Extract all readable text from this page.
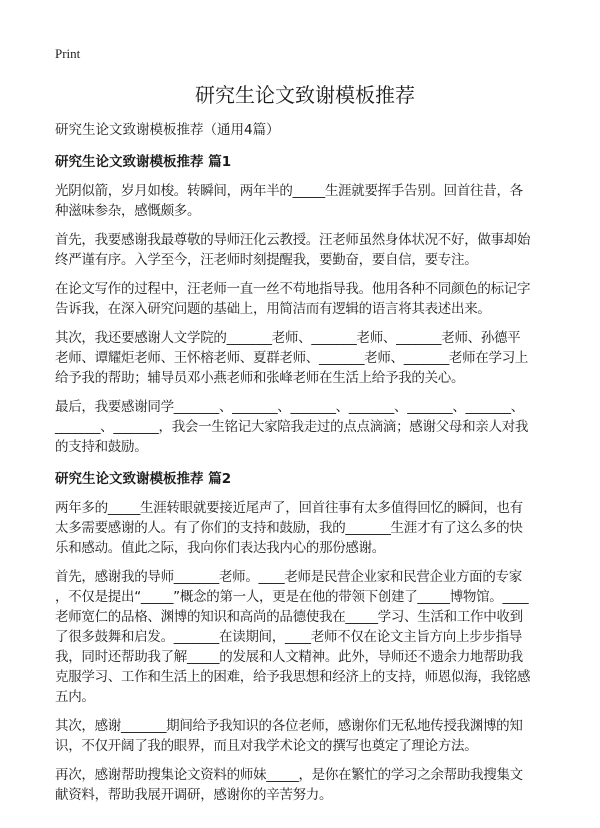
Print
研究生论文致谢模板推荐
研究生论文致谢模板推荐（通用4篇）
研究生论文致谢模板推荐 篇1
光阴似箭，岁月如梭。转瞬间，两年半的_____生涯就要挥手告别。回首往昔，各
种滋味参杂，感慨颇多。
首先，我要感谢我最尊敬的导师汪化云教授。汪老师虽然身体状况不好，做事却始
终严谨有序。入学至今，汪老师时刻提醒我，要勤奋，要自信，要专注。
在论文写作的过程中，汪老师一直一丝不苟地指导我。他用各种不同颜色的标记字
告诉我，在深入研究问题的基础上，用简洁而有逻辑的语言将其表述出来。
其次，我还要感谢人文学院的_______老师、_______老师、_______老师、孙德平
老师、谭耀炬老师、王怀榕老师、夏群老师、_______老师、_______老师在学习上
给予我的帮助；辅导员邓小燕老师和张峰老师在生活上给予我的关心。
最后，我要感谢同学_______、_______、_______、_______、_______、_______、
_______、_______，我会一生铭记大家陪我走过的点点滴滴；感谢父母和亲人对我
的支持和鼓励。
研究生论文致谢模板推荐 篇2
两年多的_____生涯转眼就要接近尾声了，回首往事有太多值得回忆的瞬间，也有
太多需要感谢的人。有了你们的支持和鼓励，我的_______生涯才有了这么多的快
乐和感动。值此之际，我向你们表达我内心的那份感谢。
首先，感谢我的导师_______老师。____老师是民营企业家和民营企业方面的专家
，不仅是提出“_____”概念的第一人，更是在他的带领下创建了_____博物馆。____
老师宽仁的品格、渊博的知识和高尚的品德使我在_____学习、生活和工作中收到
了很多鼓舞和启发。_______在读期间，____老师不仅在论文主旨方向上步步指导
我，同时还帮助我了解_____的发展和人文精神。此外，导师还不遗余力地帮助我
克服学习、工作和生活上的困难，给予我思想和经济上的支持，师恩似海，我铭感
五内。
其次，感谢_______期间给予我知识的各位老师，感谢你们无私地传授我渊博的知
识，不仅开阔了我的眼界，而且对我学术论文的撰写也奠定了理论方法。
再次，感谢帮助搜集论文资料的师妹_____，是你在繁忙的学习之余帮助我搜集文
献资料，帮助我展开调研，感谢你的辛苦努力。
